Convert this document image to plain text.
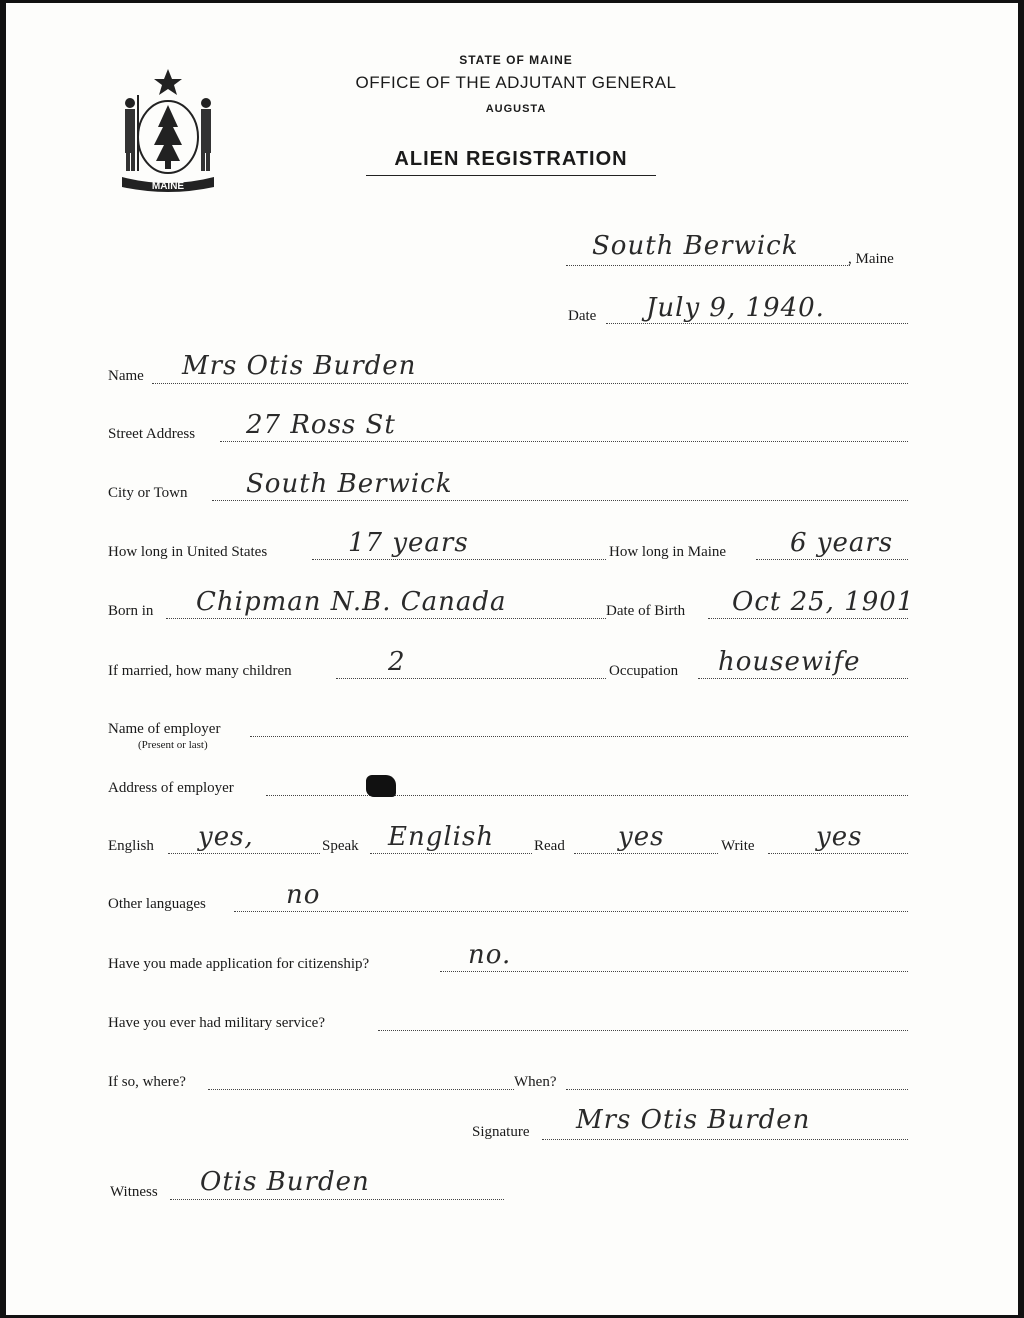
MAINE
STATE OF MAINE
OFFICE OF THE ADJUTANT GENERAL
AUGUSTA
ALIEN REGISTRATION
South Berwick	, Maine
Date July 9, 1940.
Name Mrs Otis Burden
Street Address 27 Ross St
City or Town South Berwick
How long in United States	17 years	How long in Maine 6 years
Born in Chipman N.B. Canada	Date of Birth Oct 25, 1901
If married, how many children	2	Occupation housewife
Name of employer
(Present or last)
Address of employer
English yes,	Speak English	Read yes	Write yes
Other languages	no
Have you made application for citizenship?	no.
Have you ever had military service?
If so, where?	When?
Signature Mrs Otis Burden
Witness Otis Burden
